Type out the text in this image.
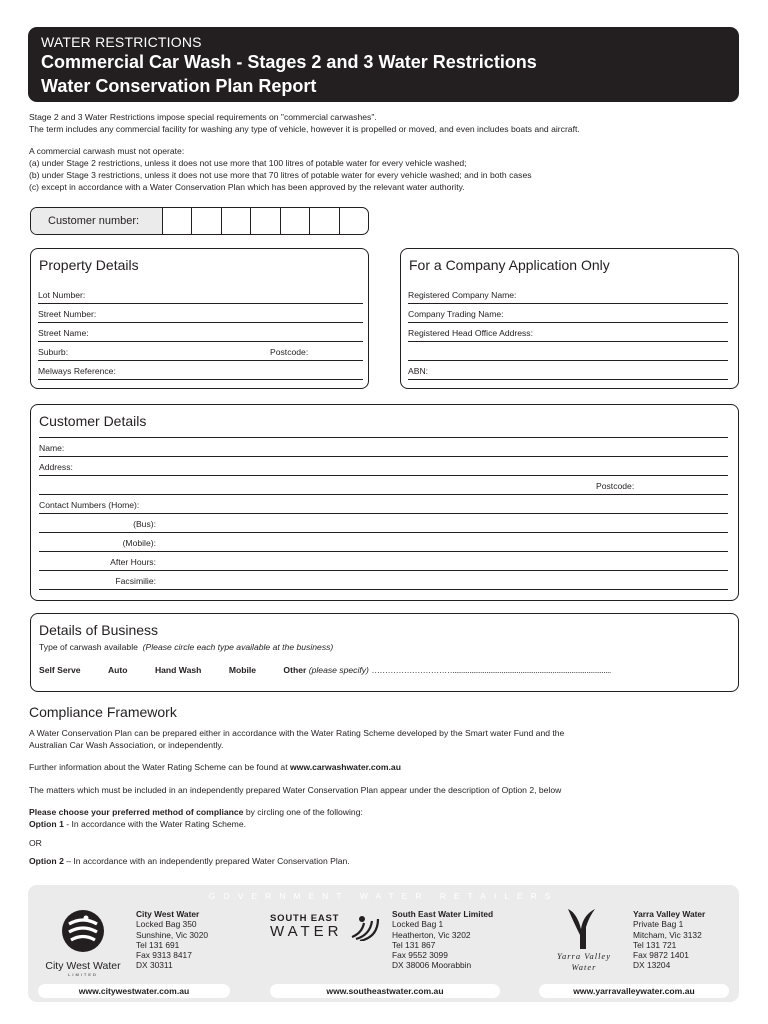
WATER RESTRICTIONS
Commercial Car Wash - Stages 2 and 3 Water Restrictions
Water Conservation Plan Report

Stage 2 and 3 Water Restrictions impose special requirements on "commercial carwashes".

The term includes any commercial facility for washing any type of vehicle, however it is propelled or moved, and even includes boats and aircraft.

A commercial carwash must not operate:

(a) under Stage 2 restrictions, unless it does not use more that 100 litres of potable water for every vehicle washed;

(b) under Stage 3 restrictions, unless it does not use more that 70 litres of potable water for every vehicle washed; and in both cases

(c) except in accordance with a Water Conservation Plan which has been approved by the relevant water authority.

Customer number:
Property Details
Lot Number:
Street Number:
Street Name:
Suburb:	Postcode:
Melways Reference:
For a Company Application Only
Registered Company Name:
Company Trading Name:
Registered Head Office Address:
ABN:
Customer Details
Name:
Address:
Postcode:
Contact Numbers (Home):
(Bus):
(Mobile):
After Hours:
Facsimilie:
Details of Business
Type of carwash available (Please circle each type available at the business)
Self Serve	Auto	Hand Wash	Mobile	Other (please specify) …………………………....................................................................................
Compliance Framework

A Water Conservation Plan can be prepared either in accordance with the Water Rating Scheme developed by the Smart water Fund and the

Australian Car Wash Association, or independently.

Further information about the Water Rating Scheme can be found at www.carwashwater.com.au

The matters which must be included in an independently prepared Water Conservation Plan appear under the description of Option 2, below

Please choose your preferred method of compliance by circling one of the following:

Option 1 - In accordance with the Water Rating Scheme.

OR

Option 2 – In accordance with an independently prepared Water Conservation Plan.

GOVERNMENT WATER RETAILERS
City West Water
LIMITED
City West Water
Locked Bag 350
Sunshine, Vic 3020
Tel 131 691
Fax 9313 8417
DX 30311
SOUTH EAST
WATER
South East Water Limited
Locked Bag 1
Heatherton, Vic 3202
Tel 131 867
Fax 9552 3099
DX 38006 Moorabbin
Yarra Valley
Water
Yarra Valley Water
Private Bag 1
Mitcham, Vic 3132
Tel 131 721
Fax 9872 1401
DX 13204
www.citywestwater.com.au	www.southeastwater.com.au	www.yarravalleywater.com.au
